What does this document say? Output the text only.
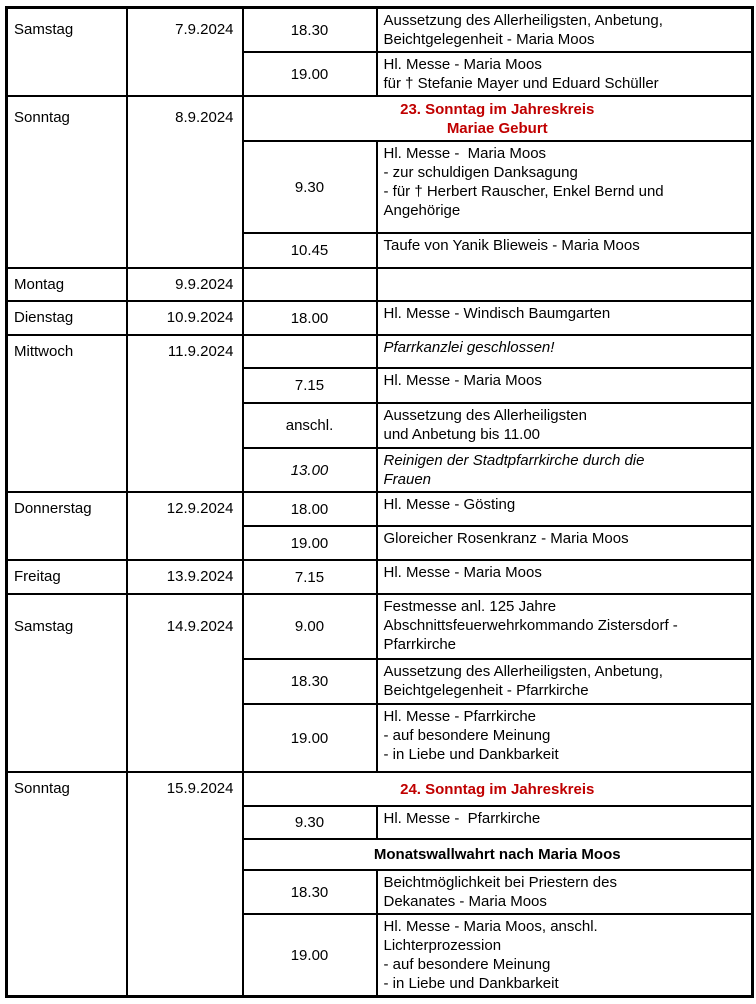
Samstag	7.9.2024	18.30	Aussetzung des Allerheiligsten, Anbetung,
Beichtgelegenheit - Maria Moos

		19.00	Hl. Messe - Maria Moos
für † Stefanie Mayer und Eduard Schüller

Sonntag	8.9.2024	23. Sonntag im Jahreskreis
Mariae Geburt	

		9.30	Hl. Messe -  Maria Moos
- zur schuldigen Danksagung
- für † Herbert Rauscher, Enkel Bernd und
Angehörige

		10.45	Taufe von Yanik Blieweis - Maria Moos

Montag	9.9.2024		
Dienstag	10.9.2024	18.00	Hl. Messe - Windisch Baumgarten

Mittwoch	11.9.2024		Pfarrkanzlei geschlossen!

		7.15	Hl. Messe - Maria Moos

		anschl.	Aussetzung des Allerheiligsten
und Anbetung bis 11.00

		13.00	Reinigen der Stadtpfarrkirche durch die
Frauen

Donnerstag	12.9.2024	18.00	Hl. Messe - Gösting

		19.00	Gloreicher Rosenkranz - Maria Moos

Freitag	13.9.2024	7.15	Hl. Messe - Maria Moos

Samstag	14.9.2024	9.00	Festmesse anl. 125 Jahre
Abschnittsfeuerwehrkommando Zistersdorf -
Pfarrkirche

		18.30	Aussetzung des Allerheiligsten, Anbetung,
Beichtgelegenheit - Pfarrkirche

		19.00	Hl. Messe - Pfarrkirche
- auf besondere Meinung
- in Liebe und Dankbarkeit

Sonntag	15.9.2024	24. Sonntag im Jahreskreis	

		9.30	Hl. Messe -  Pfarrkirche

		Monatswallwahrt nach Maria Moos	

		18.30	Beichtmöglichkeit bei Priestern des
Dekanates - Maria Moos

		19.00	Hl. Messe - Maria Moos, anschl.
Lichterprozession
- auf besondere Meinung
- in Liebe und Dankbarkeit
